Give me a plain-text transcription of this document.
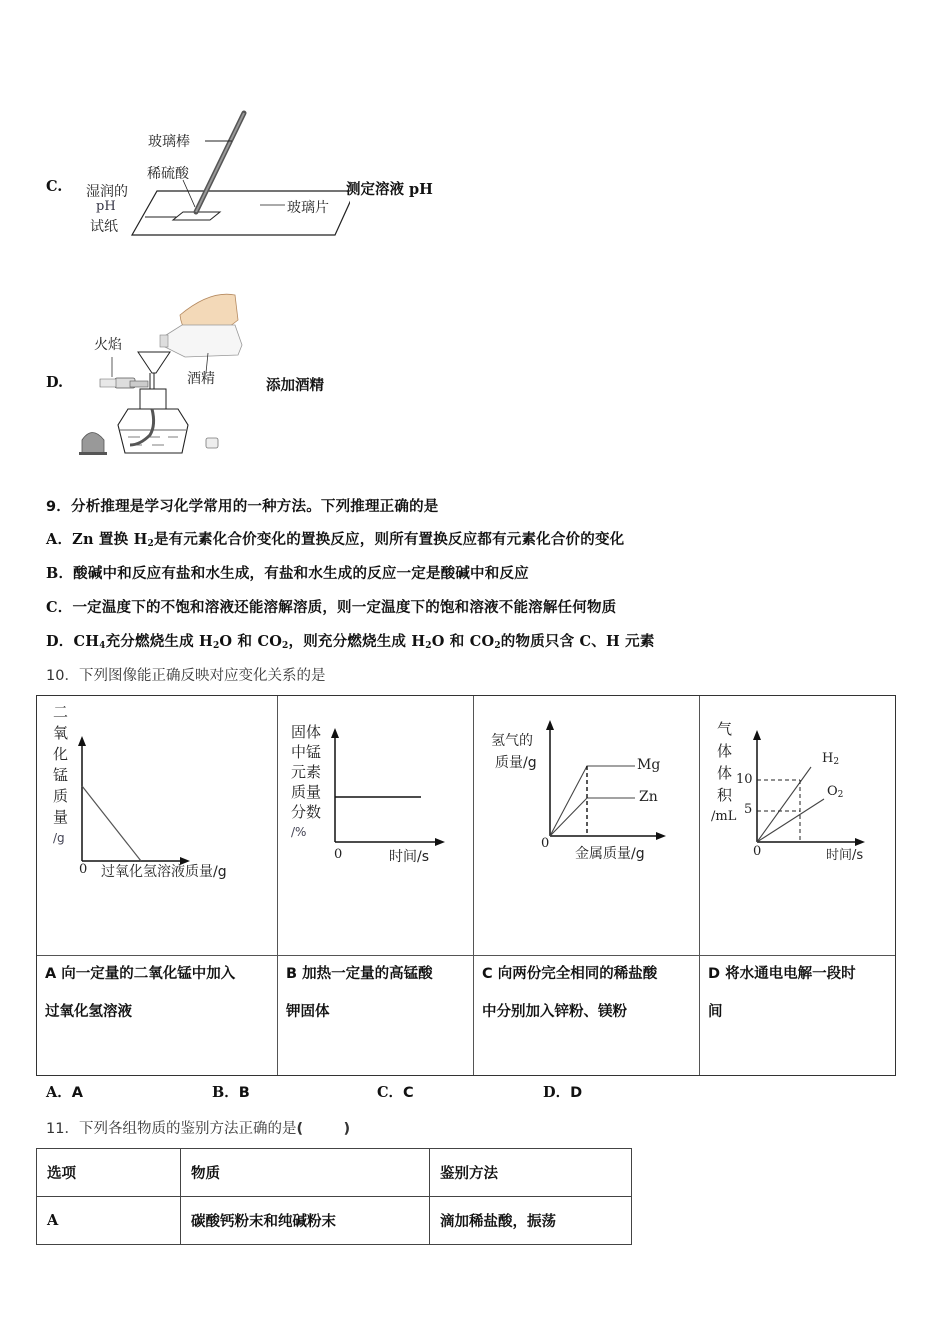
C.
玻璃棒
稀硫酸
湿润的
pH
试纸
玻璃片
测定溶液 pH
D.
火焰
酒精	添加酒精
9．分析推理是学习化学常用的一种方法。下列推理正确的是
A．Zn 置换 $H_2$是有元素化合价变化的置换反应，则所有置换反应都有元素化合价的变化
B．酸碱中和反应有盐和水生成，有盐和水生成的反应一定是酸碱中和反应
C．一定温度下的不饱和溶液还能溶解溶质，则一定温度下的饱和溶液不能溶解任何物质
D．$CH_4$充分燃烧生成 $H_2O$ 和 $CO_2$，则充分燃烧生成 $H_2O$ 和 $CO_2$的物质只含 C、H 元素
10．下列图像能正确反映对应变化关系的是
二
氧
化
锰
质
量
/g
0 过氧化氢溶液质量/g
固体
中锰
元素
质量
分数
/%
0	时间/s
氢气的
质量/g
0
金属质量/g
Mg
Zn
气
体
体
积
/mL
10
5
0	时间/s
$H_2$
$O_2$
A 向一定量的二氧化锰中加入
过氧化氢溶液
B 加热一定量的高锰酸
钾固体
C 向两份完全相同的稀盐酸
中分别加入锌粉、镁粉
D 将水通电电解一段时
间
A．A	B．B	C．C	D．D
11．下列各组物质的鉴别方法正确的是(        )
选项	物质	鉴别方法
A	碳酸钙粉末和纯碱粉末	滴加稀盐酸，振荡
